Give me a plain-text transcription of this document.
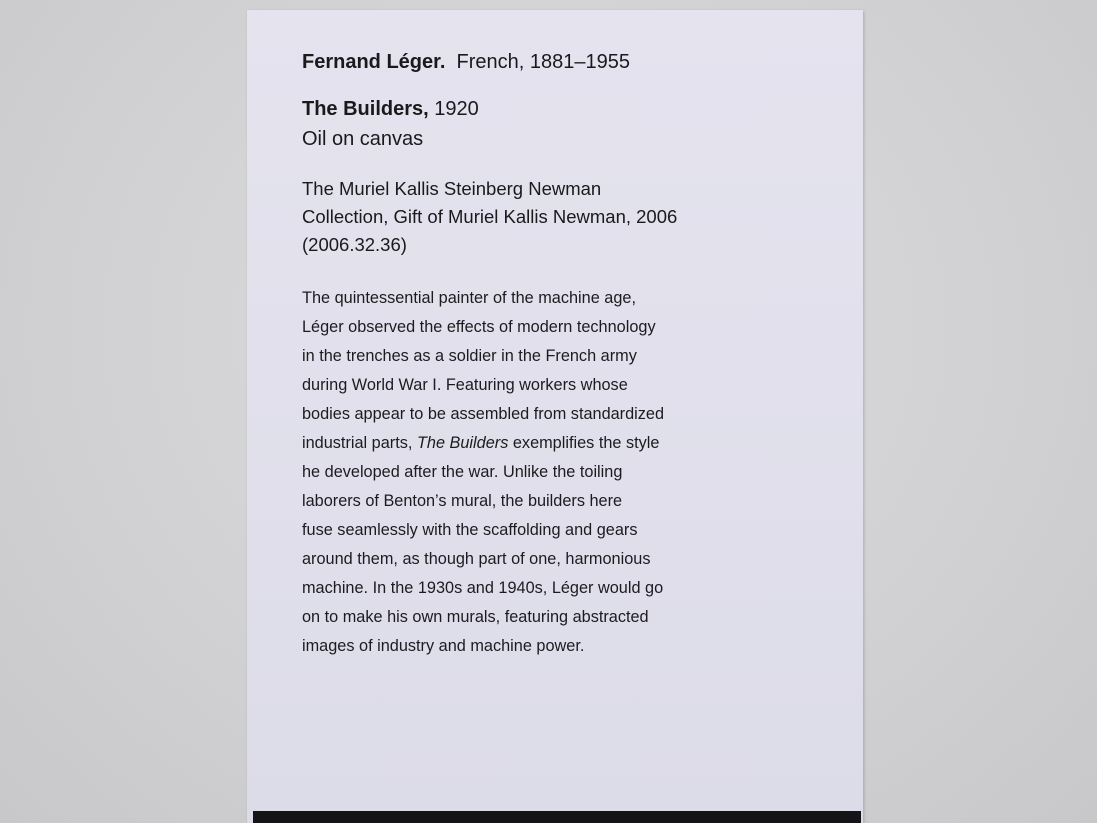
Fernand Léger. French, 1881–1955
The Builders, 1920
Oil on canvas
The Muriel Kallis Steinberg Newman
Collection, Gift of Muriel Kallis Newman, 2006
(2006.32.36)
The quintessential painter of the machine age,
Léger observed the effects of modern technology
in the trenches as a soldier in the French army
during World War I. Featuring workers whose
bodies appear to be assembled from standardized
industrial parts, The Builders exemplifies the style
he developed after the war. Unlike the toiling
laborers of Benton’s mural, the builders here
fuse seamlessly with the scaffolding and gears
around them, as though part of one, harmonious
machine. In the 1930s and 1940s, Léger would go
on to make his own murals, featuring abstracted
images of industry and machine power.
